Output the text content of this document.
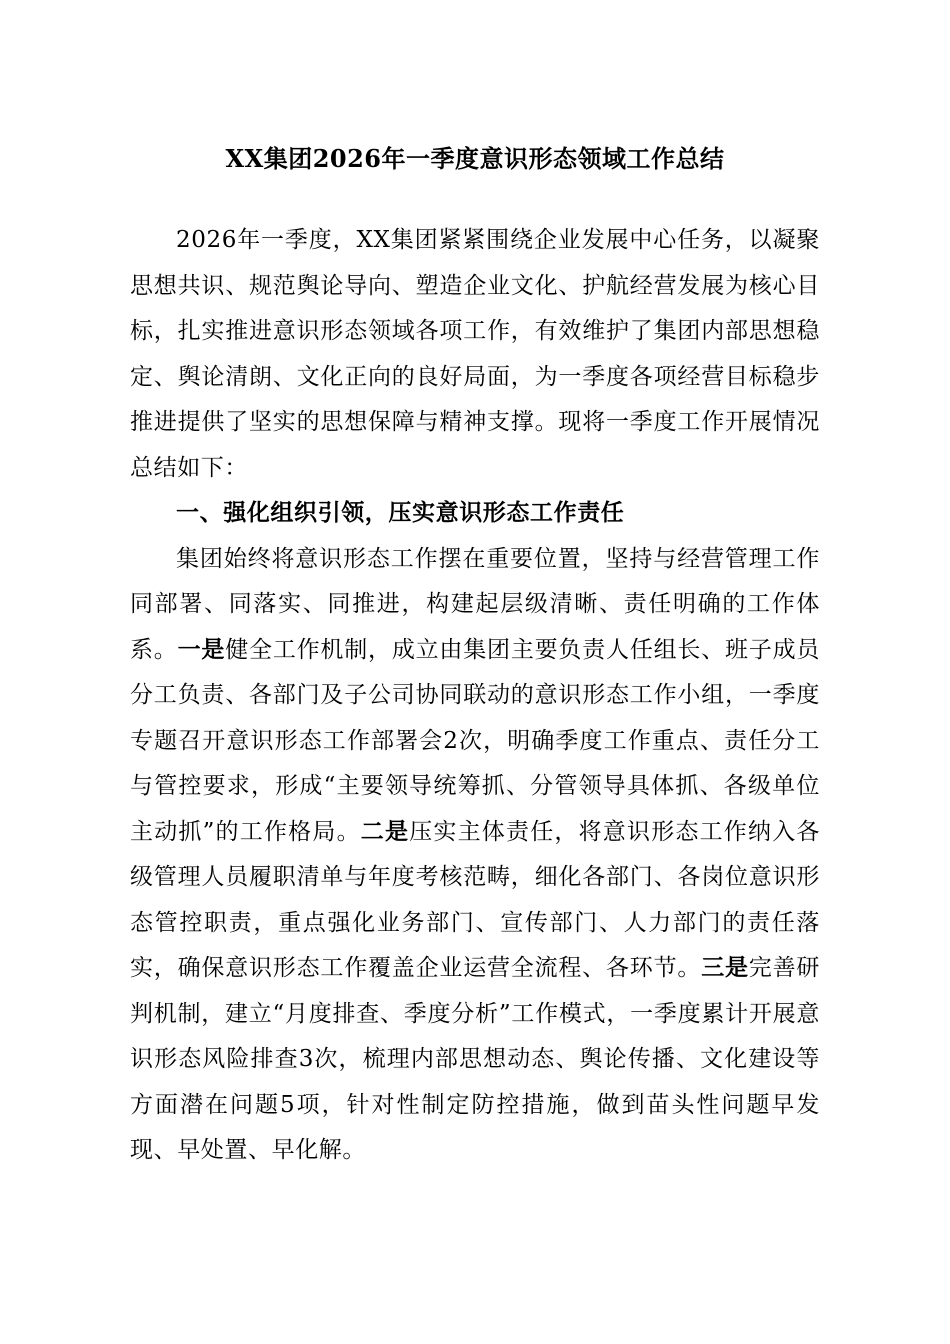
XX集团2026年一季度意识形态领域工作总结

2026年一季度，XX集团紧紧围绕企业发展中心任务，以凝聚思想共识、规范舆论导向、塑造企业文化、护航经营发展为核心目标，扎实推进意识形态领域各项工作，有效维护了集团内部思想稳定、舆论清朗、文化正向的良好局面，为一季度各项经营目标稳步推进提供了坚实的思想保障与精神支撑。现将一季度工作开展情况总结如下：

一、强化组织引领，压实意识形态工作责任

集团始终将意识形态工作摆在重要位置，坚持与经营管理工作同部署、同落实、同推进，构建起层级清晰、责任明确的工作体系。一是健全工作机制，成立由集团主要负责人任组长、班子成员分工负责、各部门及子公司协同联动的意识形态工作小组，一季度专题召开意识形态工作部署会2次，明确季度工作重点、责任分工与管控要求，形成“主要领导统筹抓、分管领导具体抓、各级单位主动抓”的工作格局。二是压实主体责任，将意识形态工作纳入各级管理人员履职清单与年度考核范畴，细化各部门、各岗位意识形态管控职责，重点强化业务部门、宣传部门、人力部门的责任落实，确保意识形态工作覆盖企业运营全流程、各环节。三是完善研判机制，建立“月度排查、季度分析”工作模式，一季度累计开展意识形态风险排查3次，梳理内部思想动态、舆论传播、文化建设等方面潜在问题5项，针对性制定防控措施，做到苗头性问题早发现、早处置、早化解。
